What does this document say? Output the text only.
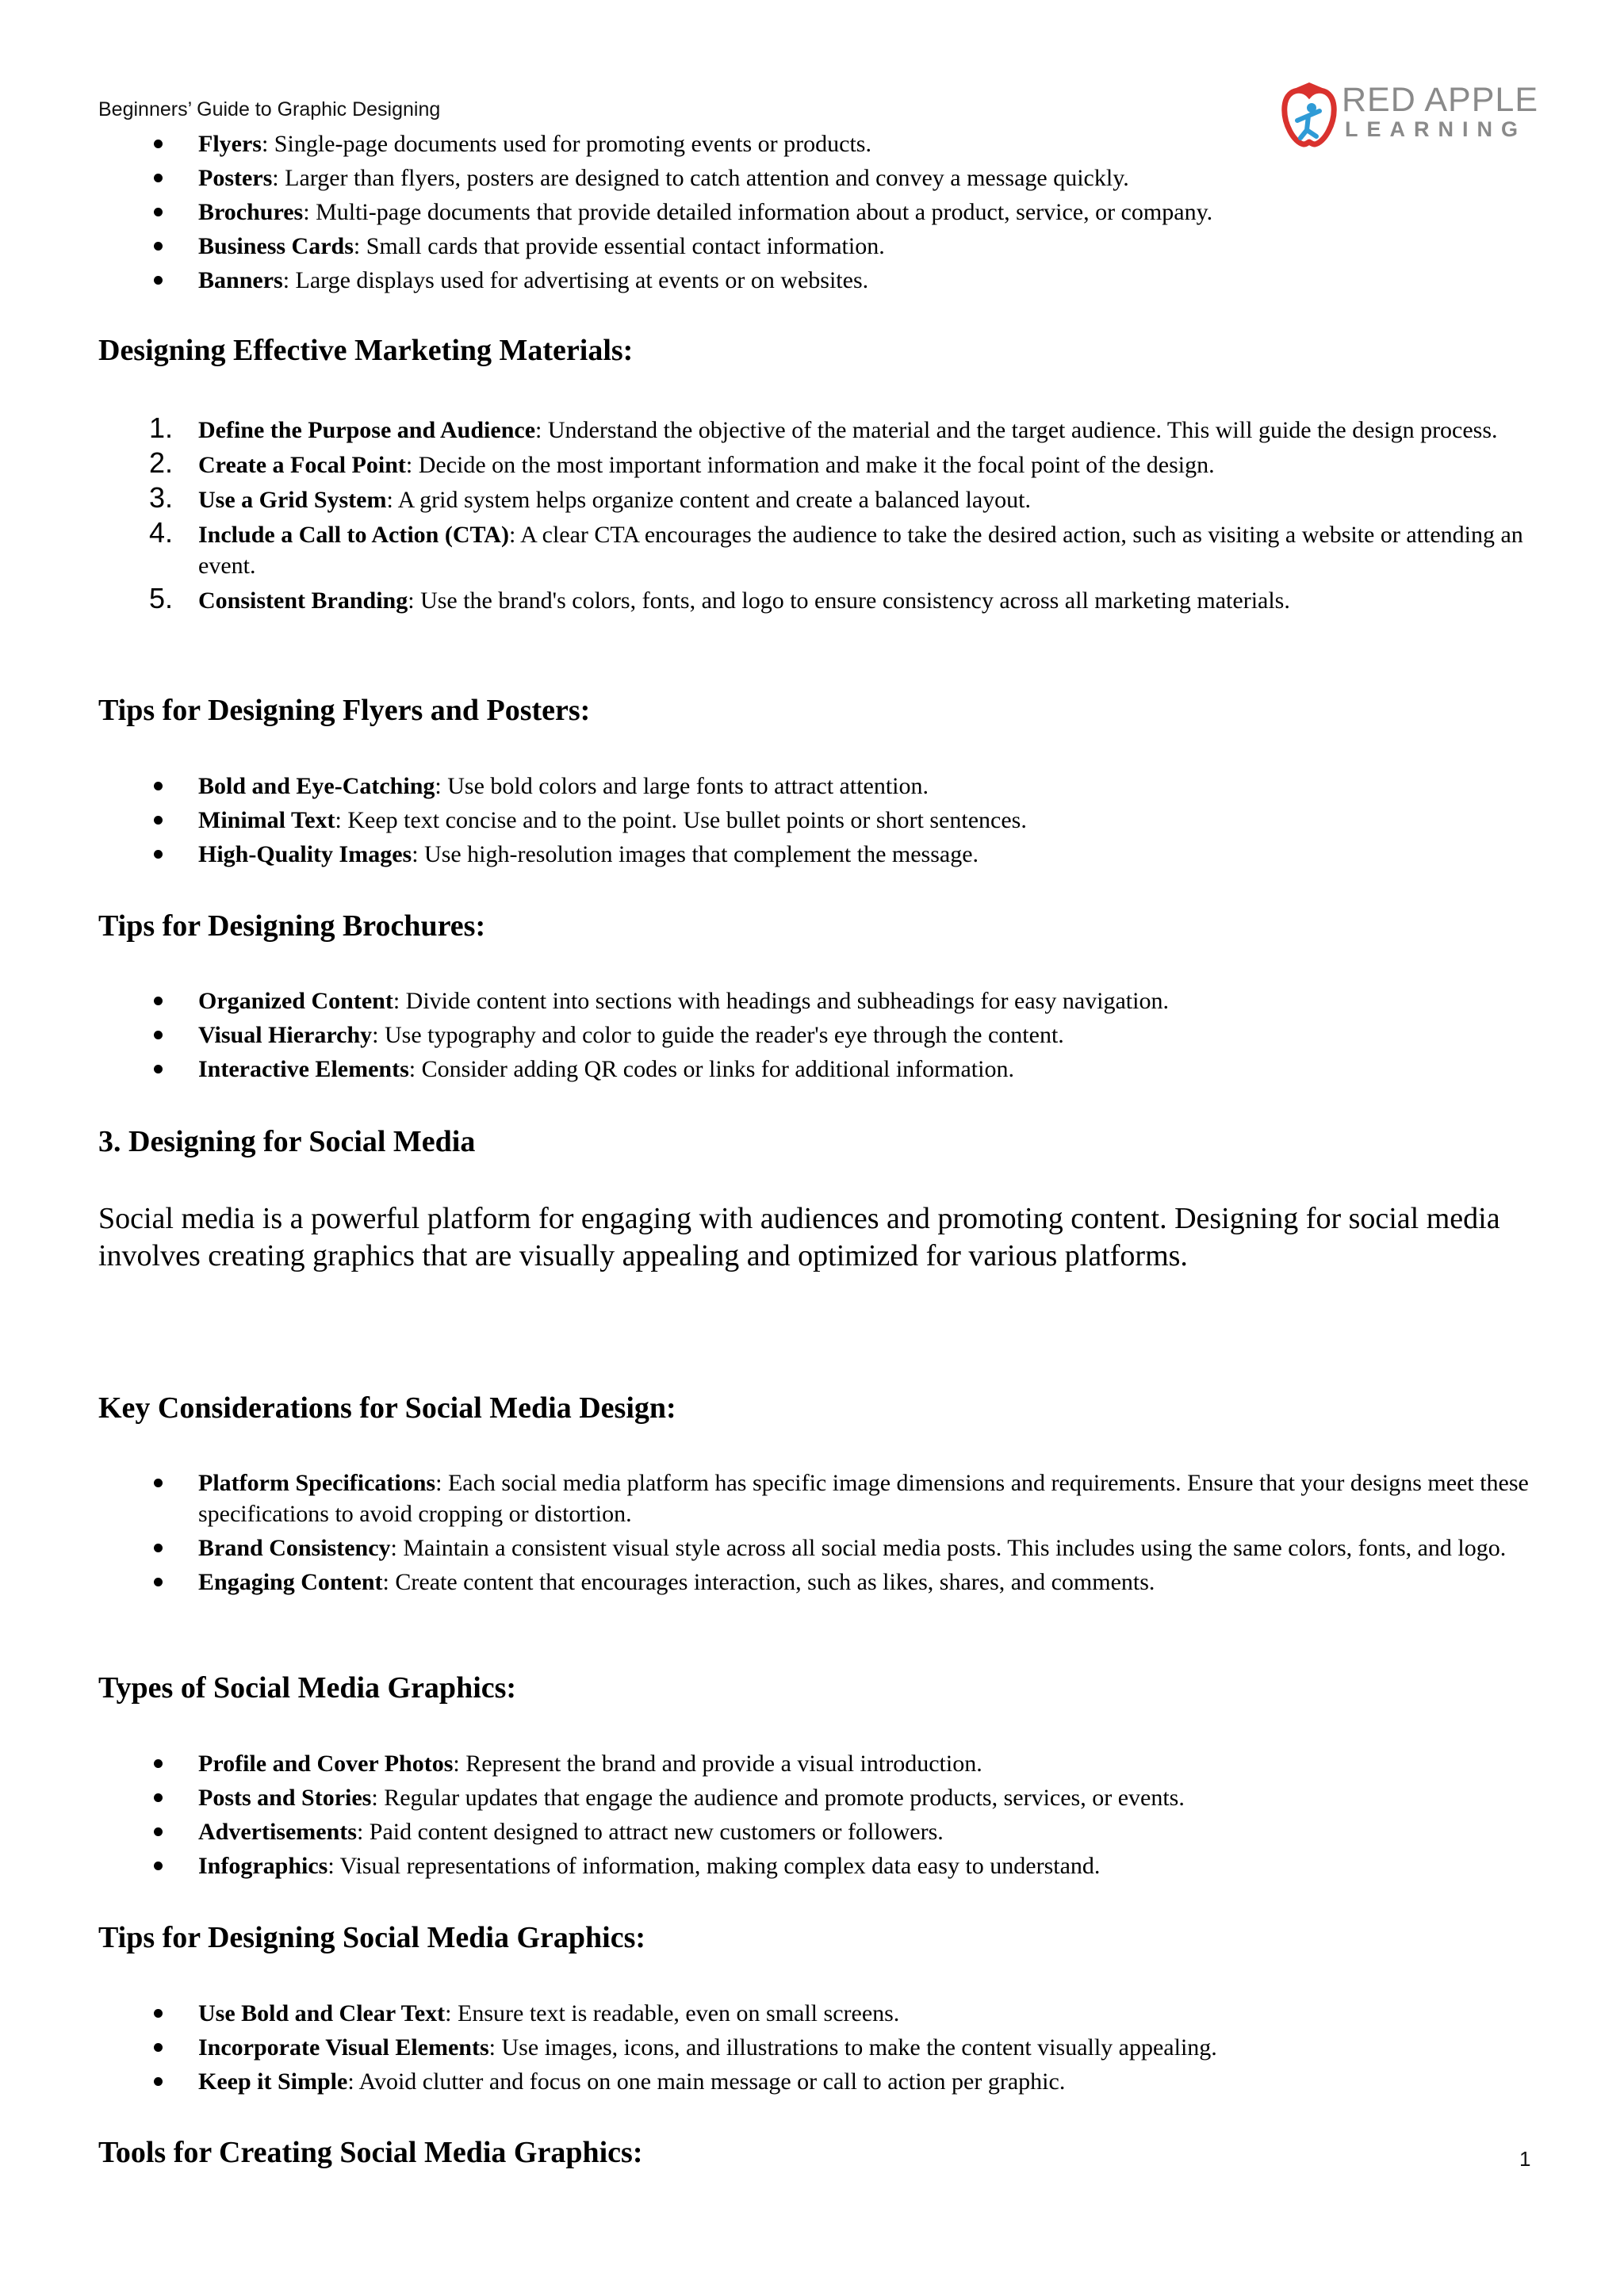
Beginners’ Guide to Graphic Designing	RED APPLE
LEARNING
Flyers: Single-page documents used for promoting events or products.
Posters: Larger than flyers, posters are designed to catch attention and convey a message quickly.
Brochures: Multi-page documents that provide detailed information about a product, service, or company.
Business Cards: Small cards that provide essential contact information.
Banners: Large displays used for advertising at events or on websites.
Designing Effective Marketing Materials:
1. Define the Purpose and Audience: Understand the objective of the material and the target audience. This will guide the design process.
2. Create a Focal Point: Decide on the most important information and make it the focal point of the design.
3. Use a Grid System: A grid system helps organize content and create a balanced layout.
4. Include a Call to Action (CTA): A clear CTA encourages the audience to take the desired action, such as visiting a website or attending an event.
5. Consistent Branding: Use the brand's colors, fonts, and logo to ensure consistency across all marketing materials.
Tips for Designing Flyers and Posters:
Bold and Eye-Catching: Use bold colors and large fonts to attract attention.
Minimal Text: Keep text concise and to the point. Use bullet points or short sentences.
High-Quality Images: Use high-resolution images that complement the message.
Tips for Designing Brochures:
Organized Content: Divide content into sections with headings and subheadings for easy navigation.
Visual Hierarchy: Use typography and color to guide the reader's eye through the content.
Interactive Elements: Consider adding QR codes or links for additional information.
3. Designing for Social Media

Social media is a powerful platform for engaging with audiences and promoting content. Designing for social media involves creating graphics that are visually appealing and optimized for various platforms.

Key Considerations for Social Media Design:
Platform Specifications: Each social media platform has specific image dimensions and requirements. Ensure that your designs meet these specifications to avoid cropping or distortion.
Brand Consistency: Maintain a consistent visual style across all social media posts. This includes using the same colors, fonts, and logo.
Engaging Content: Create content that encourages interaction, such as likes, shares, and comments.
Types of Social Media Graphics:
Profile and Cover Photos: Represent the brand and provide a visual introduction.
Posts and Stories: Regular updates that engage the audience and promote products, services, or events.
Advertisements: Paid content designed to attract new customers or followers.
Infographics: Visual representations of information, making complex data easy to understand.
Tips for Designing Social Media Graphics:
Use Bold and Clear Text: Ensure text is readable, even on small screens.
Incorporate Visual Elements: Use images, icons, and illustrations to make the content visually appealing.
Keep it Simple: Avoid clutter and focus on one main message or call to action per graphic.
Tools for Creating Social Media Graphics:	1
